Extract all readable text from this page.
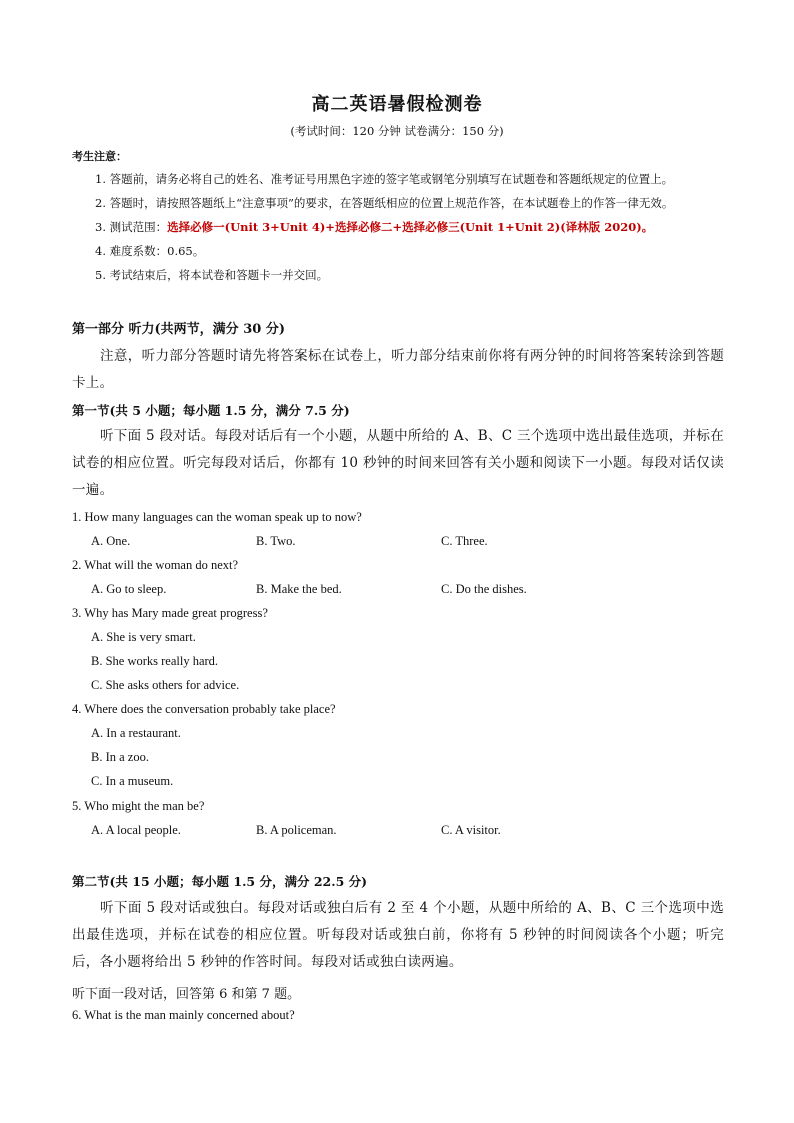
高二英语暑假检测卷
(考试时间：120 分钟 试卷满分：150 分)
考生注意：
1. 答题前，请务必将自己的姓名、准考证号用黑色字迹的签字笔或钢笔分别填写在试题卷和答题纸规定的位置上。
2. 答题时，请按照答题纸上“注意事项”的要求，在答题纸相应的位置上规范作答，在本试题卷上的作答一律无效。
3. 测试范围：选择必修一(Unit 3+Unit 4)+选择必修二+选择必修三(Unit 1+Unit 2)(译林版 2020)。
4. 难度系数：0.65。
5. 考试结束后，将本试卷和答题卡一并交回。
第一部分 听力(共两节，满分 30 分)
注意，听力部分答题时请先将答案标在试卷上，听力部分结束前你将有两分钟的时间将答案转涂到答题卡上。
第一节(共 5 小题；每小题 1.5 分，满分 7.5 分)
听下面 5 段对话。每段对话后有一个小题，从题中所给的 A、B、C 三个选项中选出最佳选项，并标在试卷的相应位置。听完每段对话后，你都有 10 秒钟的时间来回答有关小题和阅读下一小题。每段对话仅读一遍。
1. How many languages can the woman speak up to now?
A. One.	B. Two.	C. Three.
2. What will the woman do next?
A. Go to sleep.	B. Make the bed.	C. Do the dishes.
3. Why has Mary made great progress?
A. She is very smart.
B. She works really hard.
C. She asks others for advice.
4. Where does the conversation probably take place?
A. In a restaurant.
B. In a zoo.
C. In a museum.
5. Who might the man be?
A. A local people.	B. A policeman.	C. A visitor.
第二节(共 15 小题；每小题 1.5 分，满分 22.5 分)
听下面 5 段对话或独白。每段对话或独白后有 2 至 4 个小题，从题中所给的 A、B、C 三个选项中选出最佳选项，并标在试卷的相应位置。听每段对话或独白前，你将有 5 秒钟的时间阅读各个小题；听完后，各小题将给出 5 秒钟的作答时间。每段对话或独白读两遍。
听下面一段对话，回答第 6 和第 7 题。
6. What is the man mainly concerned about?
